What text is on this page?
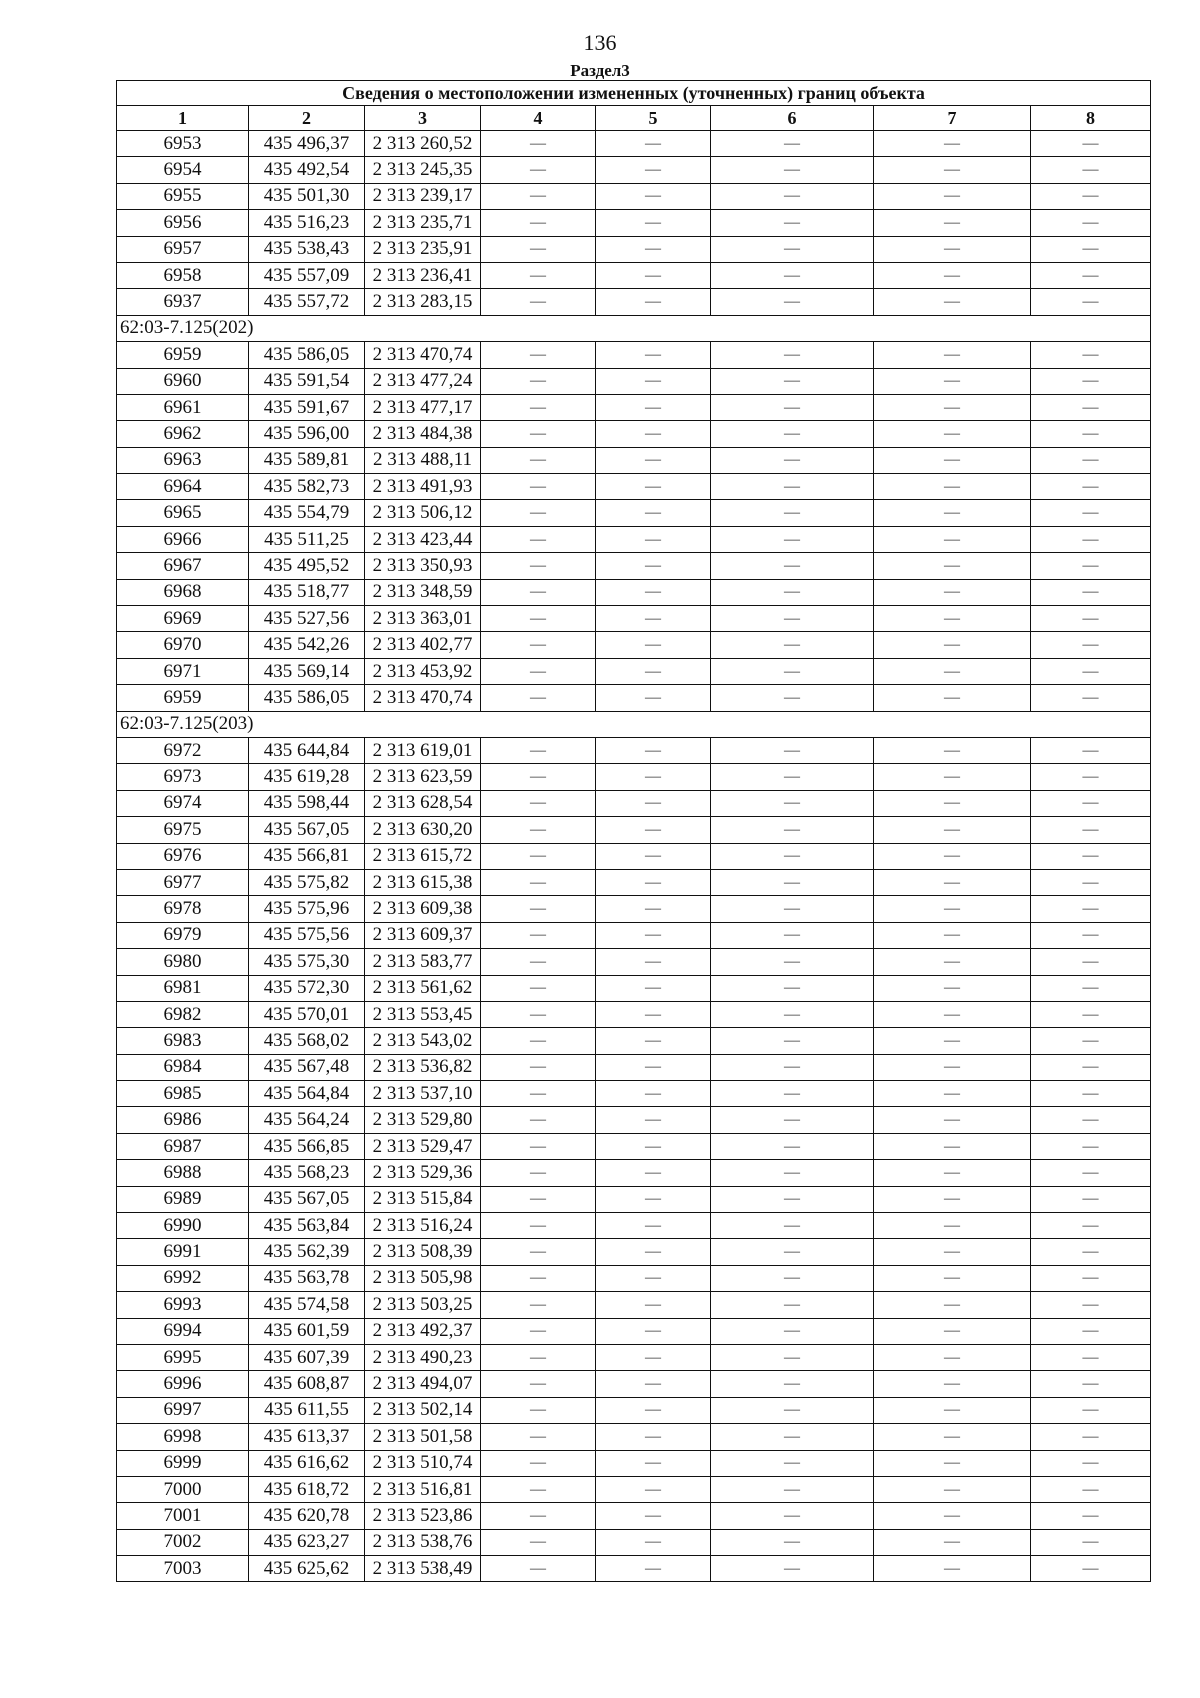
136
Раздел3
Сведения о местоположении измененных (уточненных) границ объекта							
1	2	3	4	5	6	7	8
6953	435 496,37	2 313 260,52	—	—	—	—	—
6954	435 492,54	2 313 245,35	—	—	—	—	—
6955	435 501,30	2 313 239,17	—	—	—	—	—
6956	435 516,23	2 313 235,71	—	—	—	—	—
6957	435 538,43	2 313 235,91	—	—	—	—	—
6958	435 557,09	2 313 236,41	—	—	—	—	—
6937	435 557,72	2 313 283,15	—	—	—	—	—
62:03-7.125(202)							
6959	435 586,05	2 313 470,74	—	—	—	—	—
6960	435 591,54	2 313 477,24	—	—	—	—	—
6961	435 591,67	2 313 477,17	—	—	—	—	—
6962	435 596,00	2 313 484,38	—	—	—	—	—
6963	435 589,81	2 313 488,11	—	—	—	—	—
6964	435 582,73	2 313 491,93	—	—	—	—	—
6965	435 554,79	2 313 506,12	—	—	—	—	—
6966	435 511,25	2 313 423,44	—	—	—	—	—
6967	435 495,52	2 313 350,93	—	—	—	—	—
6968	435 518,77	2 313 348,59	—	—	—	—	—
6969	435 527,56	2 313 363,01	—	—	—	—	—
6970	435 542,26	2 313 402,77	—	—	—	—	—
6971	435 569,14	2 313 453,92	—	—	—	—	—
6959	435 586,05	2 313 470,74	—	—	—	—	—
62:03-7.125(203)							
6972	435 644,84	2 313 619,01	—	—	—	—	—
6973	435 619,28	2 313 623,59	—	—	—	—	—
6974	435 598,44	2 313 628,54	—	—	—	—	—
6975	435 567,05	2 313 630,20	—	—	—	—	—
6976	435 566,81	2 313 615,72	—	—	—	—	—
6977	435 575,82	2 313 615,38	—	—	—	—	—
6978	435 575,96	2 313 609,38	—	—	—	—	—
6979	435 575,56	2 313 609,37	—	—	—	—	—
6980	435 575,30	2 313 583,77	—	—	—	—	—
6981	435 572,30	2 313 561,62	—	—	—	—	—
6982	435 570,01	2 313 553,45	—	—	—	—	—
6983	435 568,02	2 313 543,02	—	—	—	—	—
6984	435 567,48	2 313 536,82	—	—	—	—	—
6985	435 564,84	2 313 537,10	—	—	—	—	—
6986	435 564,24	2 313 529,80	—	—	—	—	—
6987	435 566,85	2 313 529,47	—	—	—	—	—
6988	435 568,23	2 313 529,36	—	—	—	—	—
6989	435 567,05	2 313 515,84	—	—	—	—	—
6990	435 563,84	2 313 516,24	—	—	—	—	—
6991	435 562,39	2 313 508,39	—	—	—	—	—
6992	435 563,78	2 313 505,98	—	—	—	—	—
6993	435 574,58	2 313 503,25	—	—	—	—	—
6994	435 601,59	2 313 492,37	—	—	—	—	—
6995	435 607,39	2 313 490,23	—	—	—	—	—
6996	435 608,87	2 313 494,07	—	—	—	—	—
6997	435 611,55	2 313 502,14	—	—	—	—	—
6998	435 613,37	2 313 501,58	—	—	—	—	—
6999	435 616,62	2 313 510,74	—	—	—	—	—
7000	435 618,72	2 313 516,81	—	—	—	—	—
7001	435 620,78	2 313 523,86	—	—	—	—	—
7002	435 623,27	2 313 538,76	—	—	—	—	—
7003	435 625,62	2 313 538,49	—	—	—	—	—
